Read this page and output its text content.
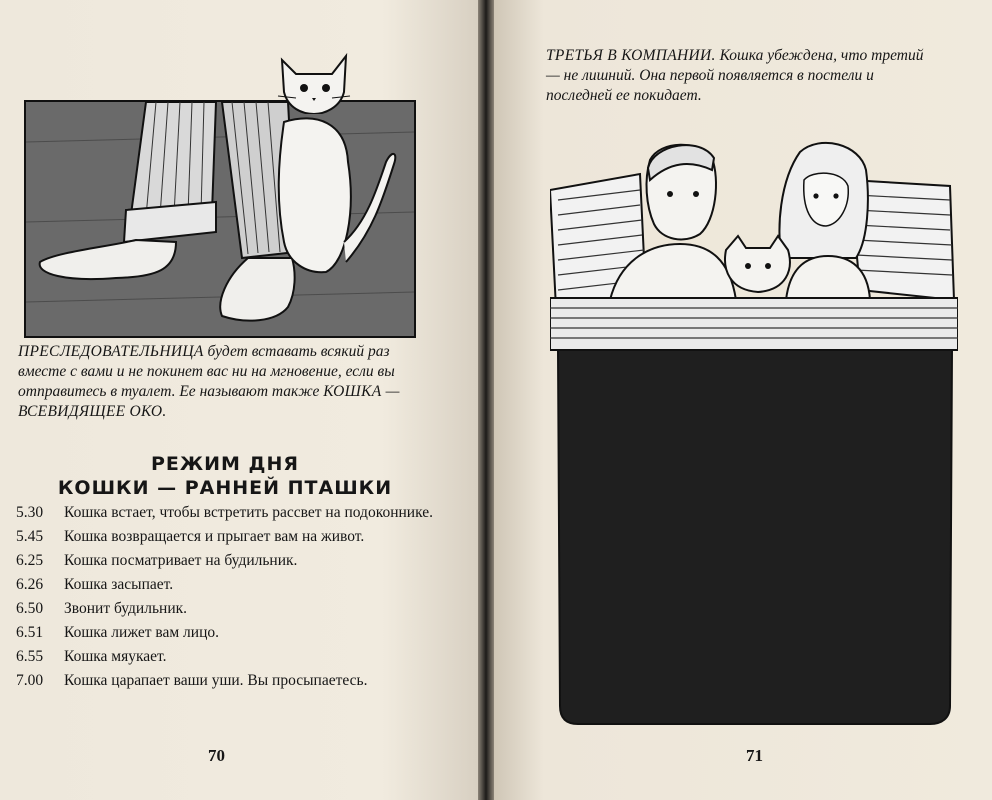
ПРЕСЛЕДОВАТЕЛЬНИЦА будет вставать всякий раз вместе с вами и не покинет вас ни на мгновение, если вы отправитесь в туалет. Ее называют также КОШКА — ВСЕВИДЯЩЕЕ ОКО.

РЕЖИМ ДНЯ
КОШКИ — РАННЕЙ ПТАШКИ
5.30	Кошка встает, чтобы встретить рассвет на подоконнике.
5.45	Кошка возвращается и прыгает вам на живот.
6.25	Кошка посматривает на будильник.
6.26	Кошка засыпает.
6.50	Звонит будильник.
6.51	Кошка лижет вам лицо.
6.55	Кошка мяукает.
7.00	Кошка царапает ваши уши. Вы просыпаетесь.
70

ТРЕТЬЯ В КОМПАНИИ. Кошка убеждена, что третий — не лишний. Она первой появляется в постели и последней ее покидает.

71
